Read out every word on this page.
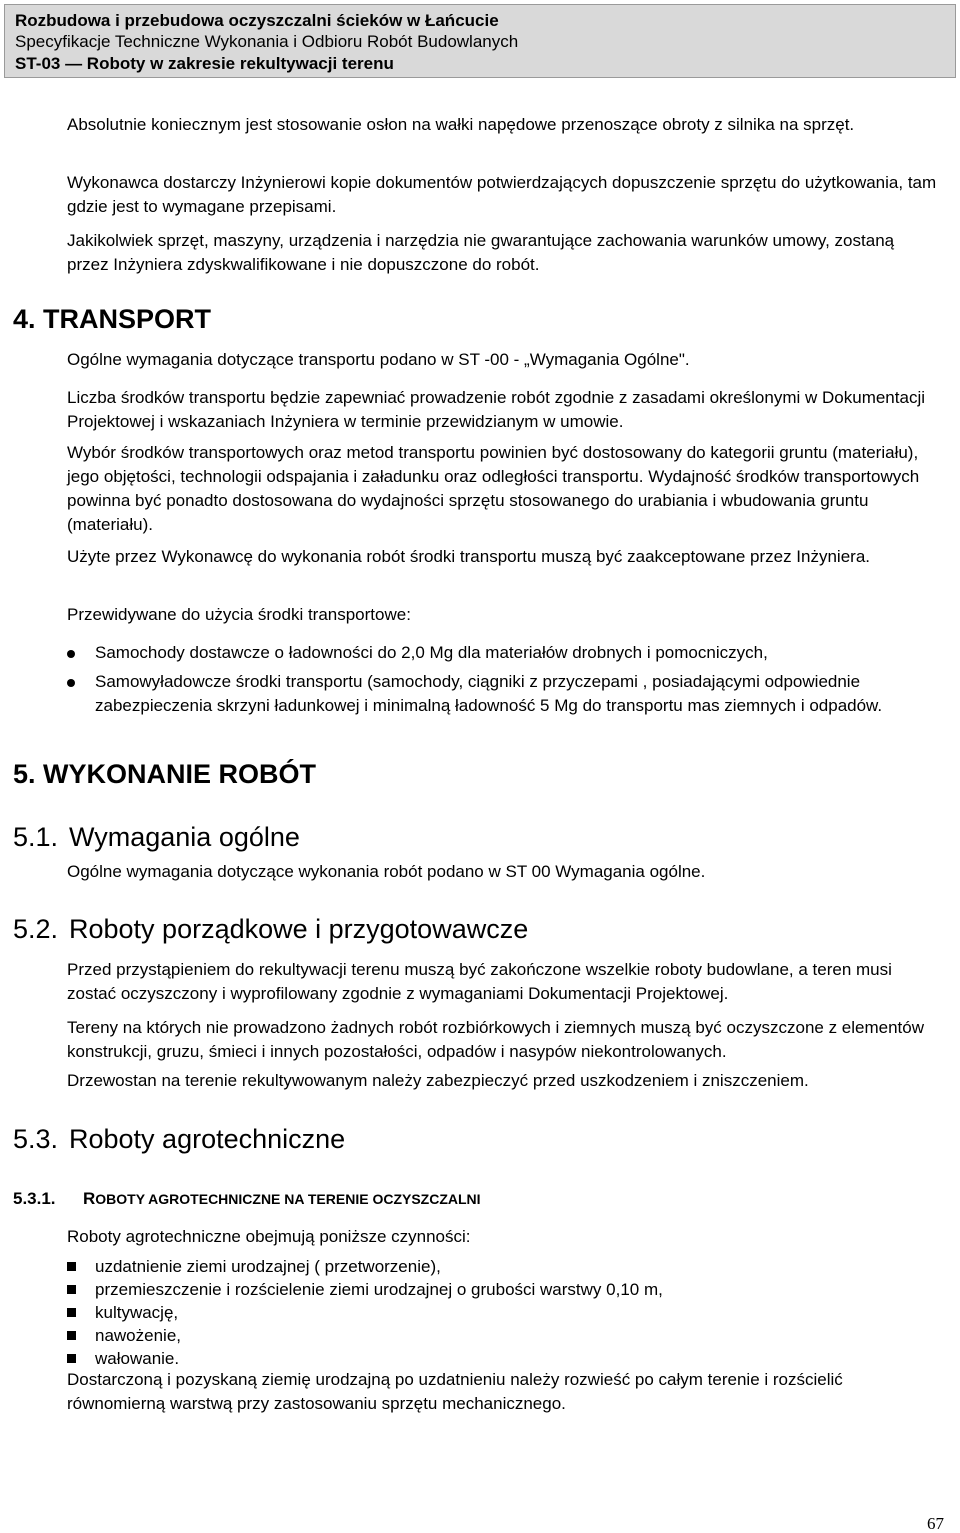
Rozbudowa i przebudowa oczyszczalni ścieków w Łańcucie
Specyfikacje Techniczne Wykonania i Odbioru Robót Budowlanych
ST-03 — Roboty w zakresie rekultywacji terenu
Absolutnie koniecznym jest stosowanie osłon na wałki napędowe przenoszące obroty z silnika na sprzęt.
Wykonawca dostarczy Inżynierowi kopie dokumentów potwierdzających dopuszczenie sprzętu do użytkowania, tam gdzie jest to wymagane przepisami.
Jakikolwiek sprzęt, maszyny, urządzenia i narzędzia nie gwarantujące zachowania warunków umowy, zostaną przez Inżyniera zdyskwalifikowane i nie dopuszczone do robót.
4. TRANSPORT
Ogólne wymagania dotyczące transportu podano w ST -00 - „Wymagania Ogólne".
Liczba środków transportu będzie zapewniać prowadzenie robót zgodnie z zasadami określonymi w Dokumentacji Projektowej i wskazaniach Inżyniera w terminie przewidzianym w umowie.
Wybór środków transportowych oraz metod transportu powinien być dostosowany do kategorii gruntu (materiału), jego objętości, technologii odspajania i załadunku oraz odległości transportu. Wydajność środków transportowych powinna być ponadto dostosowana do wydajności sprzętu stosowanego do urabiania i wbudowania gruntu (materiału).
Użyte przez Wykonawcę do wykonania robót środki transportu muszą być zaakceptowane przez Inżyniera.
Przewidywane do użycia środki transportowe:
Samochody dostawcze o ładowności do 2,0 Mg dla materiałów drobnych i pomocniczych,
Samowyładowcze środki transportu (samochody, ciągniki z przyczepami , posiadającymi odpowiednie zabezpieczenia skrzyni ładunkowej i minimalną ładowność 5 Mg do transportu mas ziemnych i odpadów.
5. WYKONANIE ROBÓT
5.1. Wymagania ogólne
Ogólne wymagania dotyczące wykonania robót podano w ST 00 Wymagania ogólne.
5.2. Roboty porządkowe i przygotowawcze
Przed przystąpieniem do rekultywacji terenu muszą być zakończone wszelkie roboty budowlane, a teren musi zostać oczyszczony i wyprofilowany zgodnie z wymaganiami Dokumentacji Projektowej.
Tereny na których nie prowadzono żadnych robót rozbiórkowych i ziemnych muszą być oczyszczone z elementów konstrukcji, gruzu, śmieci i innych pozostałości, odpadów i nasypów niekontrolowanych.
Drzewostan na terenie rekultywowanym należy zabezpieczyć przed uszkodzeniem i zniszczeniem.
5.3. Roboty agrotechniczne
5.3.1. ROBOTY AGROTECHNICZNE NA TERENIE OCZYSZCZALNI
Roboty agrotechniczne obejmują poniższe czynności:
uzdatnienie ziemi urodzajnej ( przetworzenie),
przemieszczenie i rozścielenie ziemi urodzajnej o grubości warstwy 0,10 m,
kultywację,
nawożenie,
wałowanie.
Dostarczoną i pozyskaną ziemię urodzajną po uzdatnieniu należy rozwieść po całym terenie i rozścielić równomierną warstwą przy zastosowaniu sprzętu mechanicznego.
67
